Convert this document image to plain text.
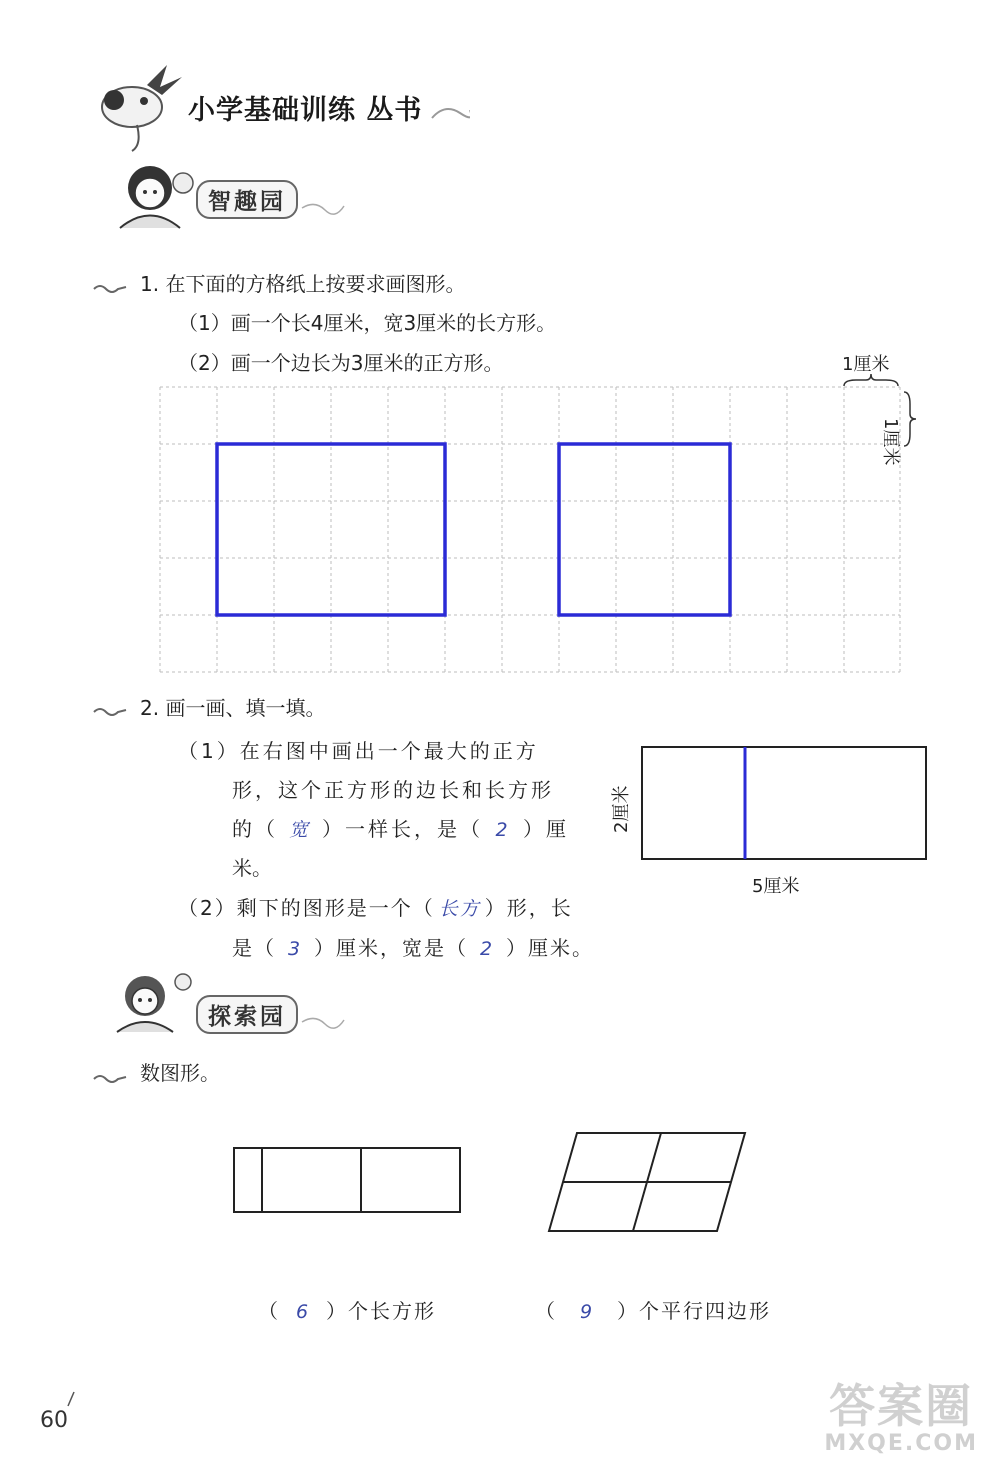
小学基础训练 丛书
智趣园
1. 在下面的方格纸上按要求画图形。
（1）画一个长4厘米，宽3厘米的长方形。
（2）画一个边长为3厘米的正方形。	1厘米
1厘米
2. 画一画、填一填。
（1）在右图中画出一个最大的正方
形，这个正方形的边长和长方形
的（ 宽 ）一样长，是（ 2 ）厘
米。
（2）剩下的图形是一个（ 长方 ）形，长
是（ 3 ）厘米，宽是（ 2 ）厘米。
2厘米
5厘米
探索园
数图形。
（ 6 ）个长方形	（ 9 ）个平行四边形
60	答案圈
MXQE.COM
